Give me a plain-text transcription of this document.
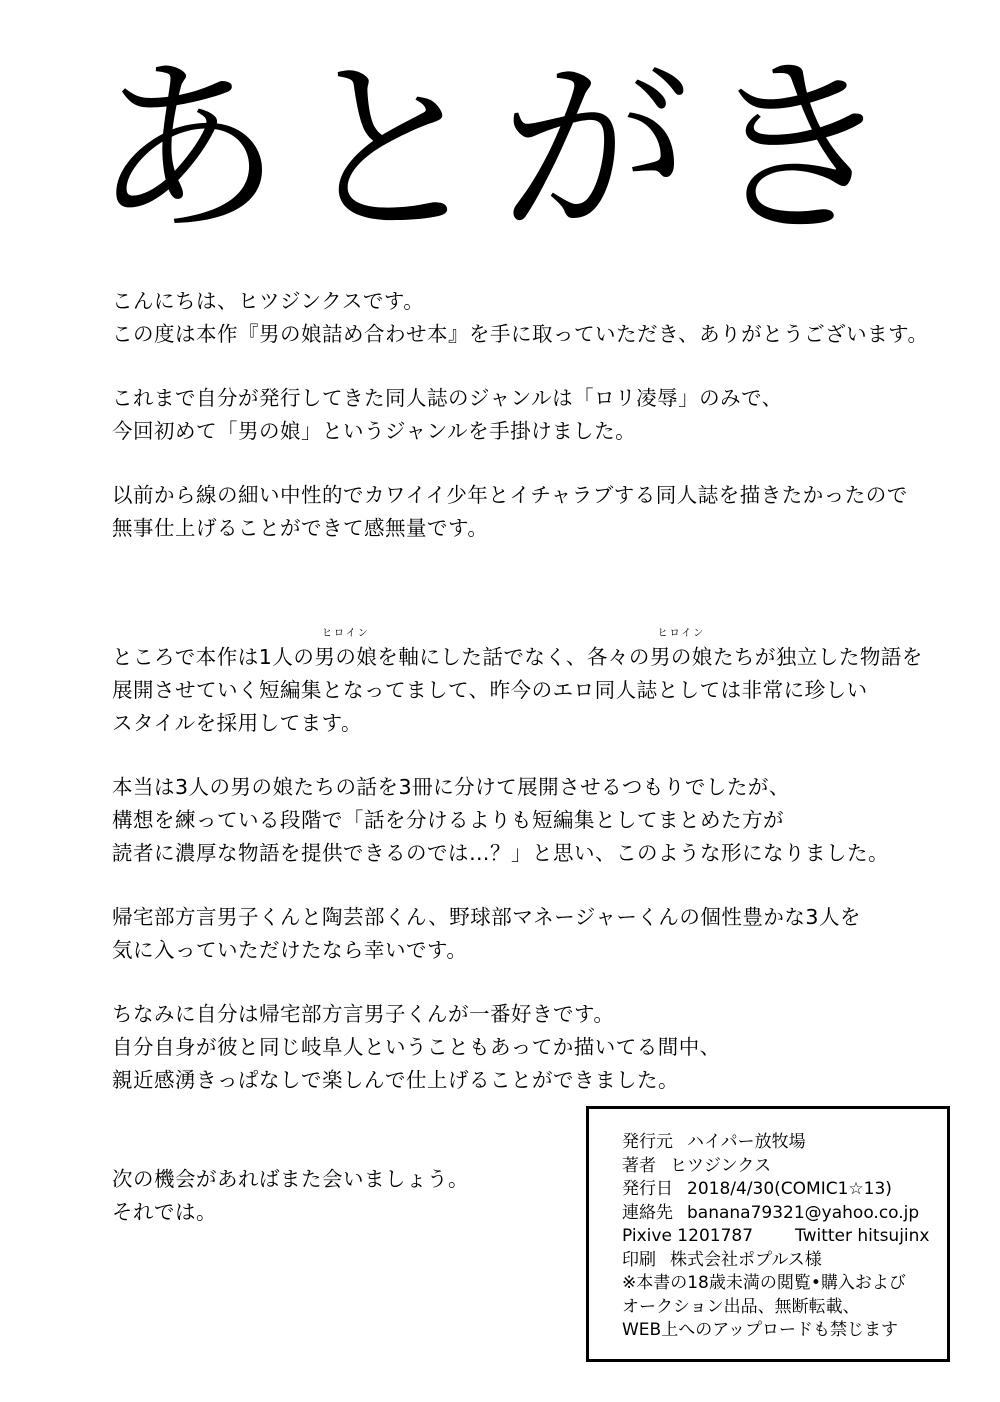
あとがき
こんにちは、ヒツジンクスです。
この度は本作『男の娘詰め合わせ本』を手に取っていただき、ありがとうございます。
これまで自分が発行してきた同人誌のジャンルは「ロリ凌辱」のみで、
今回初めて「男の娘」というジャンルを手掛けました。
以前から線の細い中性的でカワイイ少年とイチャラブする同人誌を描きたかったので
無事仕上げることができて感無量です。
ところで本作は1人の
ヒロイン
男の娘を軸にした話でなく、各々の
ヒロイン
男の娘たちが独立した物語を
展開させていく短編集となってまして、昨今のエロ同人誌としては非常に珍しい
スタイルを採用してます。
本当は3人の男の娘たちの話を3冊に分けて展開させるつもりでしたが、
構想を練っている段階で「話を分けるよりも短編集としてまとめた方が
読者に濃厚な物語を提供できるのでは…？」と思い、このような形になりました。
帰宅部方言男子くんと陶芸部くん、野球部マネージャーくんの個性豊かな3人を
気に入っていただけたなら幸いです。
ちなみに自分は帰宅部方言男子くんが一番好きです。
自分自身が彼と同じ岐阜人ということもあってか描いてる間中、
親近感湧きっぱなしで楽しんで仕上げることができました。
次の機会があればまた会いましょう。
それでは。
発行元 ハイパー放牧場
著者 ヒツジンクス
発行日 2018/4/30(COMIC1☆13)
連絡先 banana79321@yahoo.co.jp
Pixive 1201787 Twitter hitsujinx
印刷 株式会社ポプルス様
※本書の18歳未満の閲覧•購入および
オークション出品、無断転載、
WEB上へのアップロードも禁じます
